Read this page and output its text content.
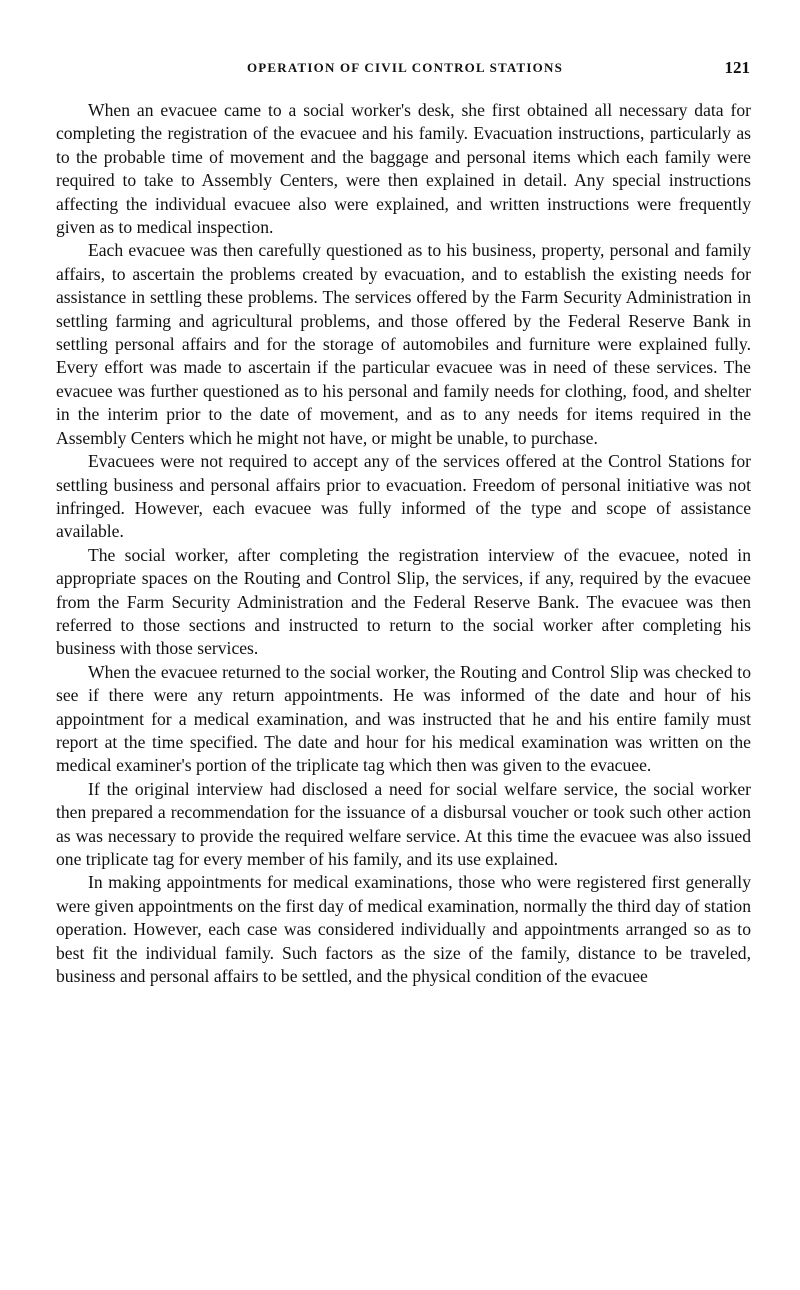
OPERATION OF CIVIL CONTROL STATIONS	121

When an evacuee came to a social worker's desk, she first obtained all necessary data for completing the registration of the evacuee and his family. Evacuation instructions, particularly as to the probable time of movement and the baggage and personal items which each family were required to take to Assembly Centers, were then explained in detail. Any special instructions affecting the individual evacuee also were explained, and written instructions were frequently given as to medical inspection.

Each evacuee was then carefully questioned as to his business, property, personal and family affairs, to ascertain the problems created by evacuation, and to establish the existing needs for assistance in settling these problems. The services offered by the Farm Security Administration in settling farming and agricultural problems, and those offered by the Federal Reserve Bank in settling personal affairs and for the storage of automobiles and furniture were explained fully. Every effort was made to ascertain if the particular evacuee was in need of these services. The evacuee was further questioned as to his personal and family needs for clothing, food, and shelter in the interim prior to the date of movement, and as to any needs for items required in the Assembly Centers which he might not have, or might be unable, to purchase.

Evacuees were not required to accept any of the services offered at the Control Stations for settling business and personal affairs prior to evacuation. Freedom of personal initiative was not infringed. However, each evacuee was fully informed of the type and scope of assistance available.

The social worker, after completing the registration interview of the evacuee, noted in appropriate spaces on the Routing and Control Slip, the services, if any, required by the evacuee from the Farm Security Administration and the Federal Reserve Bank. The evacuee was then referred to those sections and instructed to return to the social worker after completing his business with those services.

When the evacuee returned to the social worker, the Routing and Control Slip was checked to see if there were any return appointments. He was informed of the date and hour of his appointment for a medical examination, and was instructed that he and his entire family must report at the time specified. The date and hour for his medical examination was written on the medical examiner's portion of the triplicate tag which then was given to the evacuee.

If the original interview had disclosed a need for social welfare service, the social worker then prepared a recommendation for the issuance of a disbursal voucher or took such other action as was necessary to provide the required welfare service. At this time the evacuee was also issued one triplicate tag for every member of his family, and its use explained.

In making appointments for medical examinations, those who were registered first generally were given appointments on the first day of medical examination, normally the third day of station operation. However, each case was considered individually and appointments arranged so as to best fit the individual family. Such factors as the size of the family, distance to be traveled, business and personal affairs to be settled, and the physical condition of the evacuee
